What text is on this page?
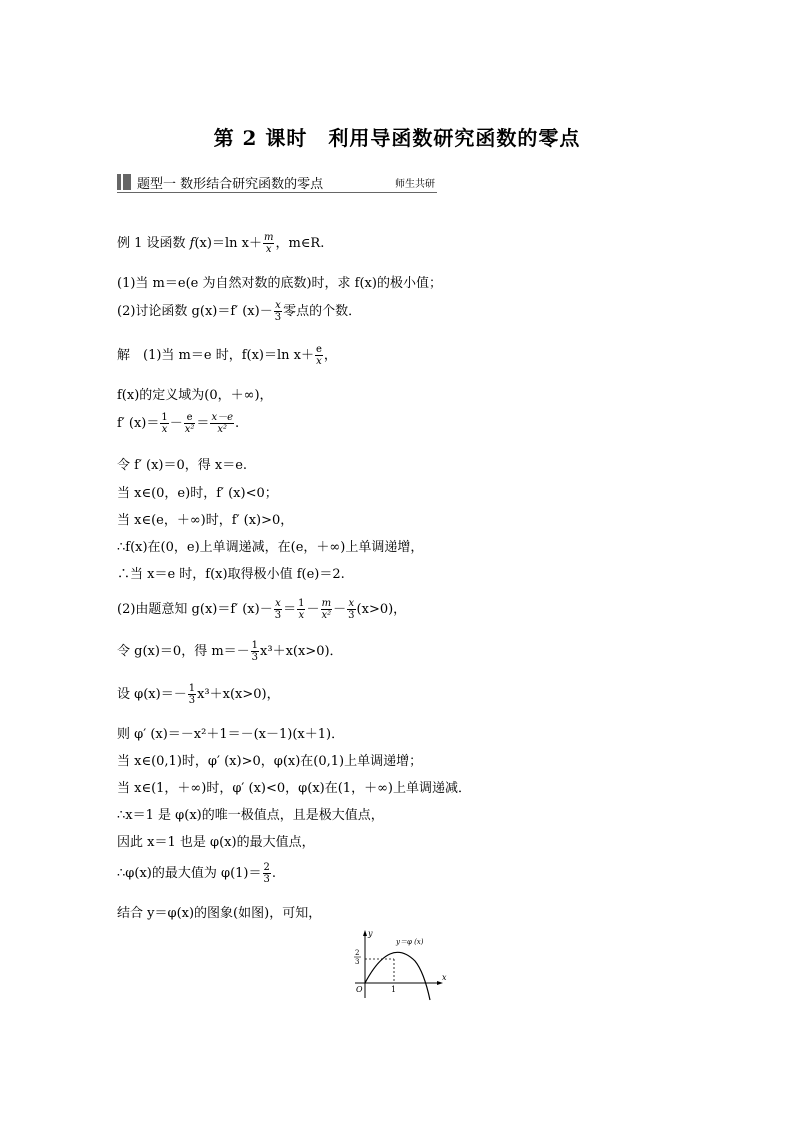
第 2 课时　利用导函数研究函数的零点
题型一 数形结合研究函数的零点	师生共研
例 1 设函数 f(x)＝ln $x+ \frac{m}{x}$ ，m∈R.
(1)当 m＝e(e 为自然对数的底数)时，求 f(x)的极小值；
(2)讨论函数 g(x)＝f′ $(x)- \frac{x}{3}$ 零点的个数．
解　(1)当 m＝e 时，f(x)＝ln $x+ \frac{e}{x}$ ，
f(x)的定义域为(0，＋∞)，
f′ $(x)= \frac{1}{x} - \frac{e}{\text{x²}} = \frac{x-e}{\text{x²}}$ .
令 f′ (x)＝0，得 x＝e.
当 x∈(0，e)时，f′ (x)<0；
当 x∈(e，＋∞)时，f′ (x)>0，
∴f(x)在(0，e)上单调递减，在(e，＋∞)上单调递增，
∴当 x＝e 时，f(x)取得极小值 f(e)＝2.
(2)由题意知 g(x)＝f′ $(x)- \frac{x}{3} = \frac{1}{x} - \frac{m}{\text{x²}} - \frac{x}{3} (x>0)$，
令 g(x)＝0，得 $m=- \frac{1}{3} x^3+x(x>0)$．
设 $\varphi(x)=- \frac{1}{3} x^3+x(x>0)$，
则 φ′ (x)＝－x²＋1＝－(x－1)(x＋1)．
当 x∈(0,1)时，φ′ (x)>0，φ(x)在(0,1)上单调递增；
当 x∈(1，＋∞)时，φ′ (x)<0，φ(x)在(1，＋∞)上单调递减．
∴x＝1 是 φ(x)的唯一极值点，且是极大值点，
因此 x＝1 也是 φ(x)的最大值点，
∴φ(x)的最大值为 $\varphi(1)= \frac{2}{3}$ .
结合 y＝φ(x)的图象(如图)，可知，
y
x
O	1
2
3
y＝φ (x)
